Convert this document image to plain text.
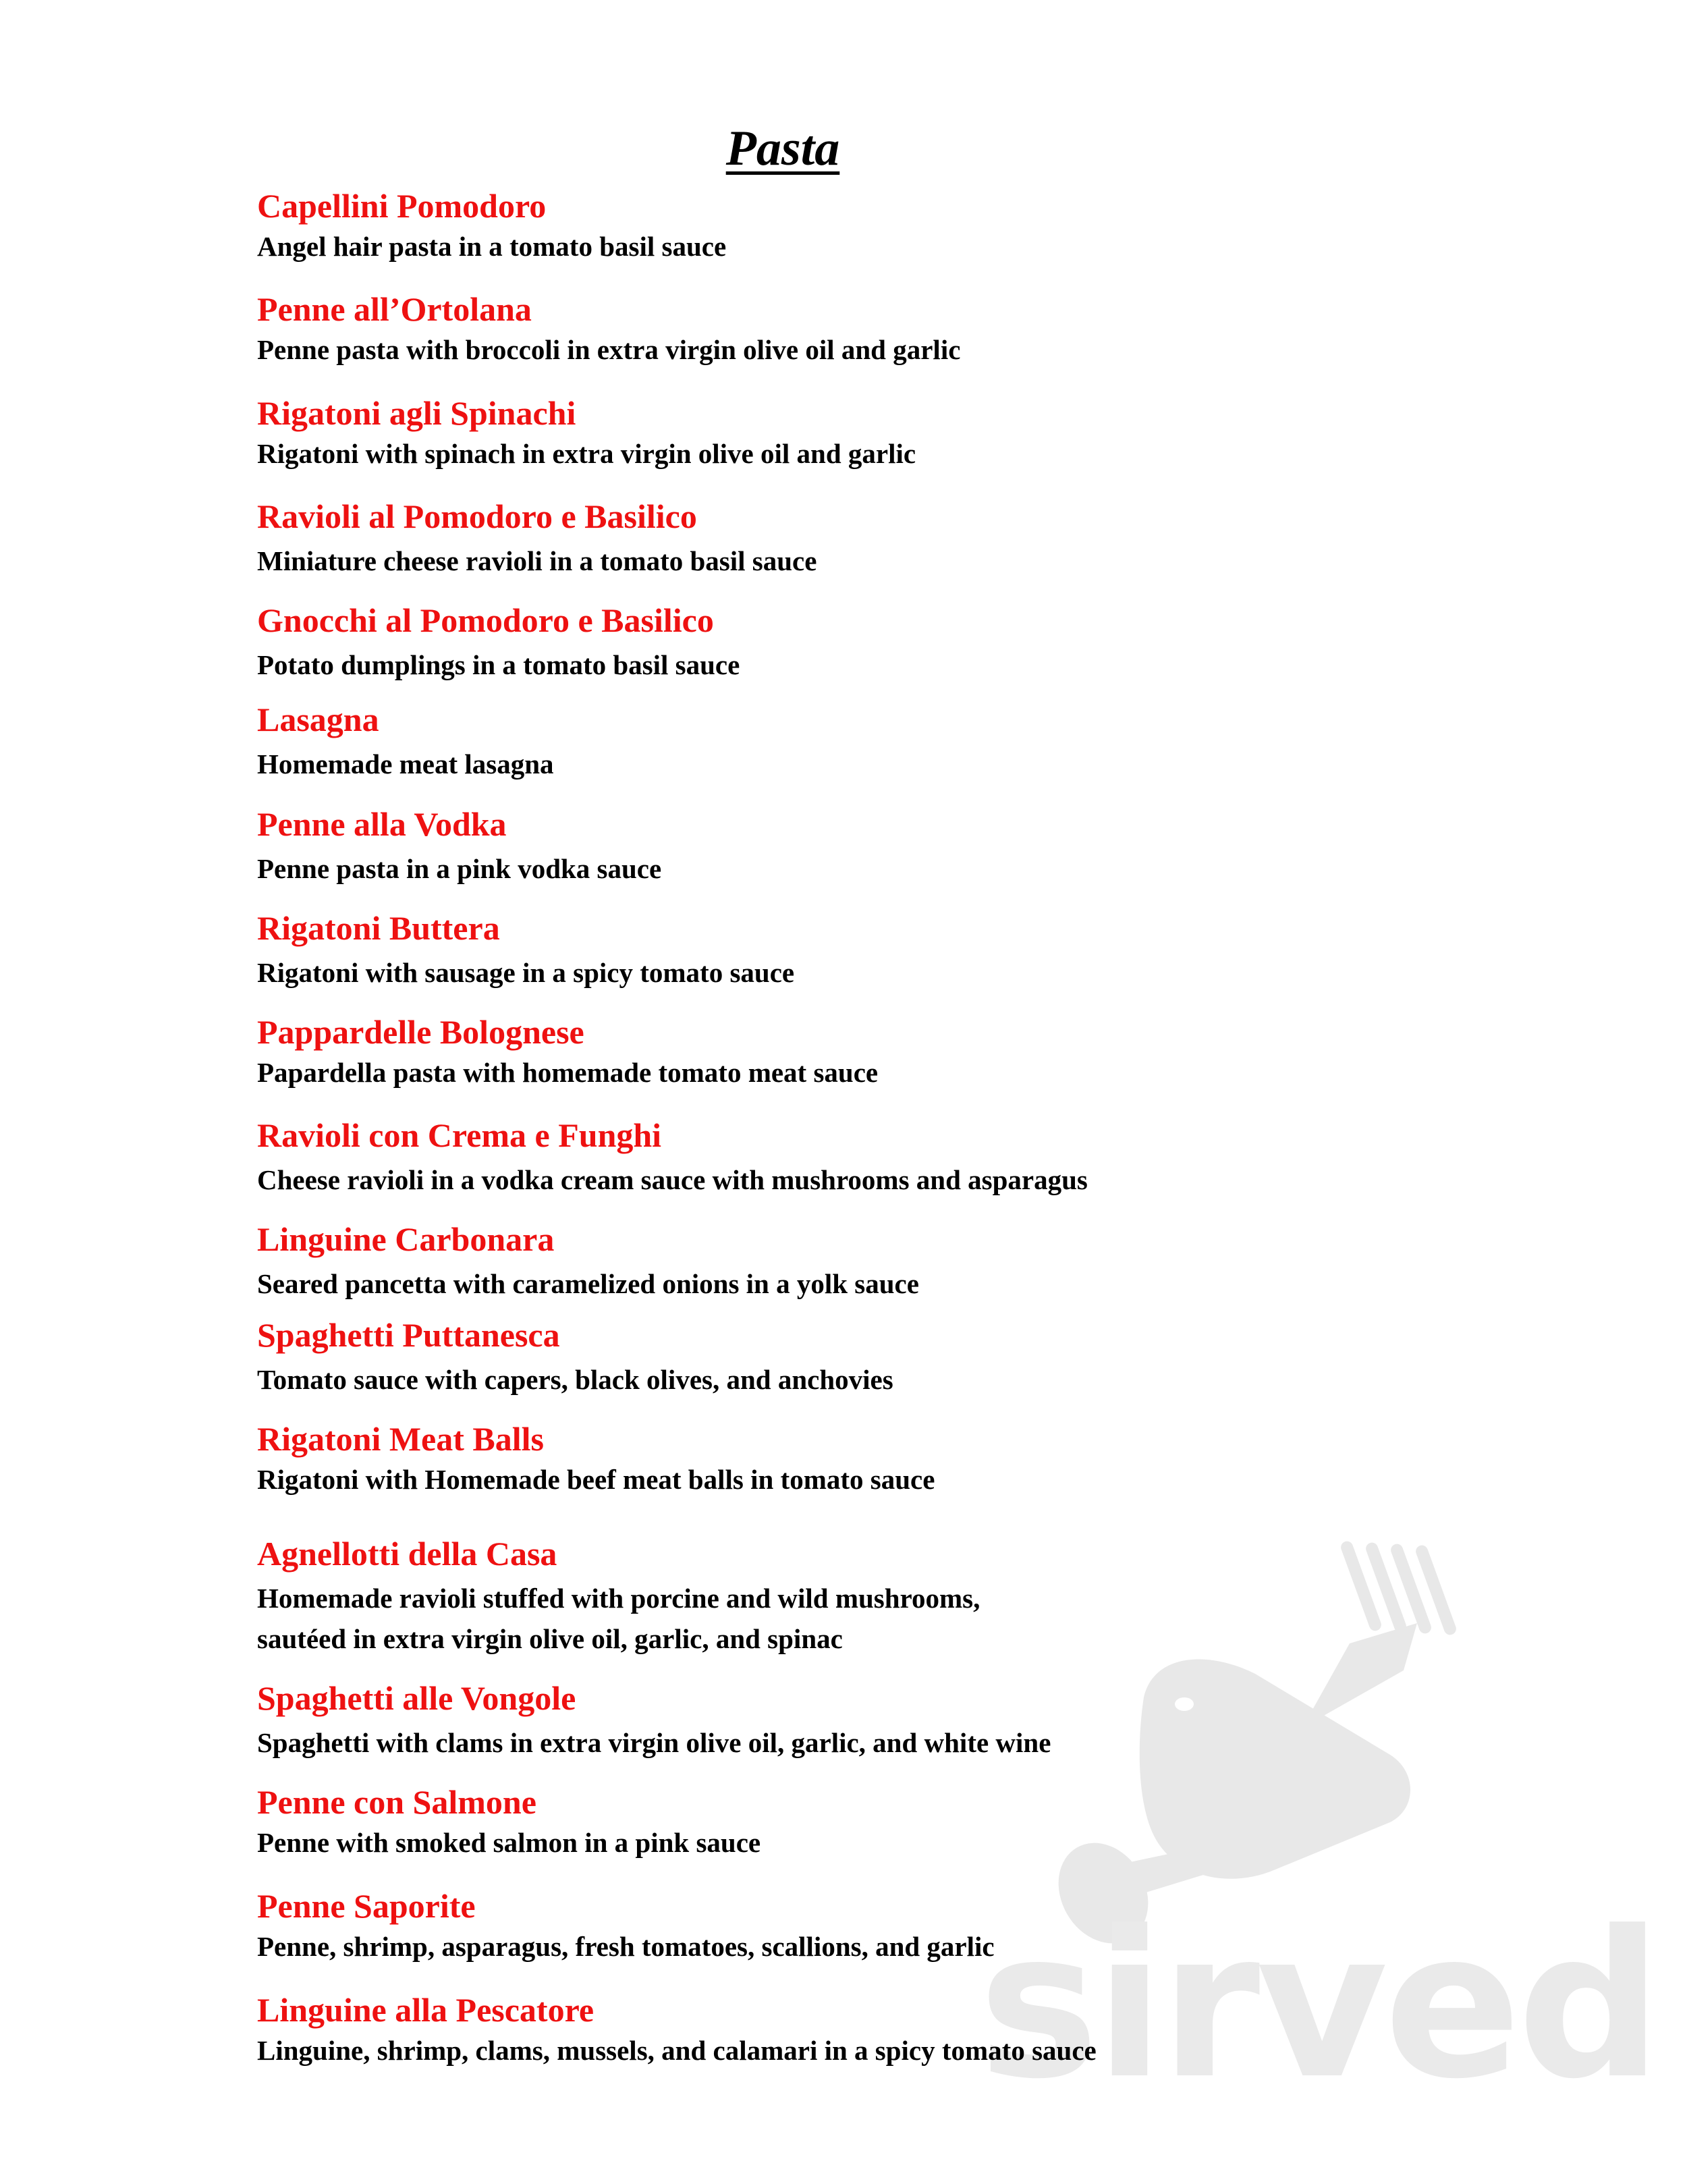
sirved
Pasta
Capellini Pomodoro
Angel hair pasta in a tomato basil sauce
Penne all’Ortolana
Penne pasta with broccoli in extra virgin olive oil and garlic
Rigatoni agli Spinachi
Rigatoni with spinach in extra virgin olive oil and garlic
Ravioli al Pomodoro e Basilico
Miniature cheese ravioli in a tomato basil sauce
Gnocchi al Pomodoro e Basilico
Potato dumplings in a tomato basil sauce
Lasagna
Homemade meat lasagna
Penne alla Vodka
Penne pasta in a pink vodka sauce
Rigatoni Buttera
Rigatoni with sausage in a spicy tomato sauce
Pappardelle Bolognese
Papardella pasta with homemade tomato meat sauce
Ravioli con Crema e Funghi
Cheese ravioli in a vodka cream sauce with mushrooms and asparagus
Linguine Carbonara
Seared pancetta with caramelized onions in a yolk sauce
Spaghetti Puttanesca
Tomato sauce with capers, black olives, and anchovies
Rigatoni Meat Balls
Rigatoni with Homemade beef meat balls in tomato sauce
Agnellotti della Casa
Homemade ravioli stuffed with porcine and wild mushrooms,
sautéed in extra virgin olive oil, garlic, and spinac
Spaghetti alle Vongole
Spaghetti with clams in extra virgin olive oil, garlic, and white wine
Penne con Salmone
Penne with smoked salmon in a pink sauce
Penne Saporite
Penne, shrimp, asparagus, fresh tomatoes, scallions, and garlic
Linguine alla Pescatore
Linguine, shrimp, clams, mussels, and calamari in a spicy tomato sauce
